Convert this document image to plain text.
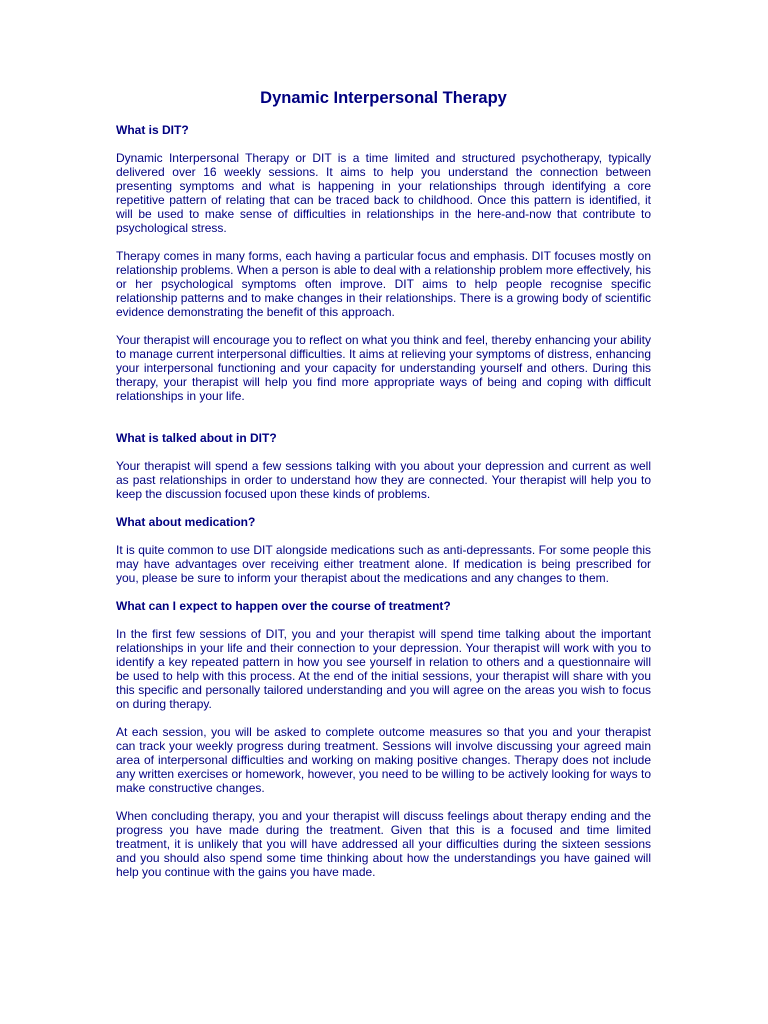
Dynamic Interpersonal Therapy
What is DIT?

Dynamic Interpersonal Therapy or DIT is a time limited and structured psychotherapy, typically delivered over 16 weekly sessions. It aims to help you understand the connection between presenting symptoms and what is happening in your relationships through identifying a core repetitive pattern of relating that can be traced back to childhood. Once this pattern is identified, it will be used to make sense of difficulties in relationships in the here-and-now that contribute to psychological stress.

Therapy comes in many forms, each having a particular focus and emphasis. DIT focuses mostly on relationship problems. When a person is able to deal with a relationship problem more effectively, his or her psychological symptoms often improve. DIT aims to help people recognise specific relationship patterns and to make changes in their relationships. There is a growing body of scientific evidence demonstrating the benefit of this approach.

Your therapist will encourage you to reflect on what you think and feel, thereby enhancing your ability to manage current interpersonal difficulties. It aims at relieving your symptoms of distress, enhancing your interpersonal functioning and your capacity for understanding yourself and others. During this therapy, your therapist will help you find more appropriate ways of being and coping with difficult relationships in your life.

What is talked about in DIT?

Your therapist will spend a few sessions talking with you about your depression and current as well as past relationships in order to understand how they are connected. Your therapist will help you to keep the discussion focused upon these kinds of problems.

What about medication?

It is quite common to use DIT alongside medications such as anti-depressants. For some people this may have advantages over receiving either treatment alone. If medication is being prescribed for you, please be sure to inform your therapist about the medications and any changes to them.

What can I expect to happen over the course of treatment?

In the first few sessions of DIT, you and your therapist will spend time talking about the important relationships in your life and their connection to your depression. Your therapist will work with you to identify a key repeated pattern in how you see yourself in relation to others and a questionnaire will be used to help with this process. At the end of the initial sessions, your therapist will share with you this specific and personally tailored understanding and you will agree on the areas you wish to focus on during therapy.

At each session, you will be asked to complete outcome measures so that you and your therapist can track your weekly progress during treatment. Sessions will involve discussing your agreed main area of interpersonal difficulties and working on making positive changes. Therapy does not include any written exercises or homework, however, you need to be willing to be actively looking for ways to make constructive changes.

When concluding therapy, you and your therapist will discuss feelings about therapy ending and the progress you have made during the treatment. Given that this is a focused and time limited treatment, it is unlikely that you will have addressed all your difficulties during the sixteen sessions and you should also spend some time thinking about how the understandings you have gained will help you continue with the gains you have made.
